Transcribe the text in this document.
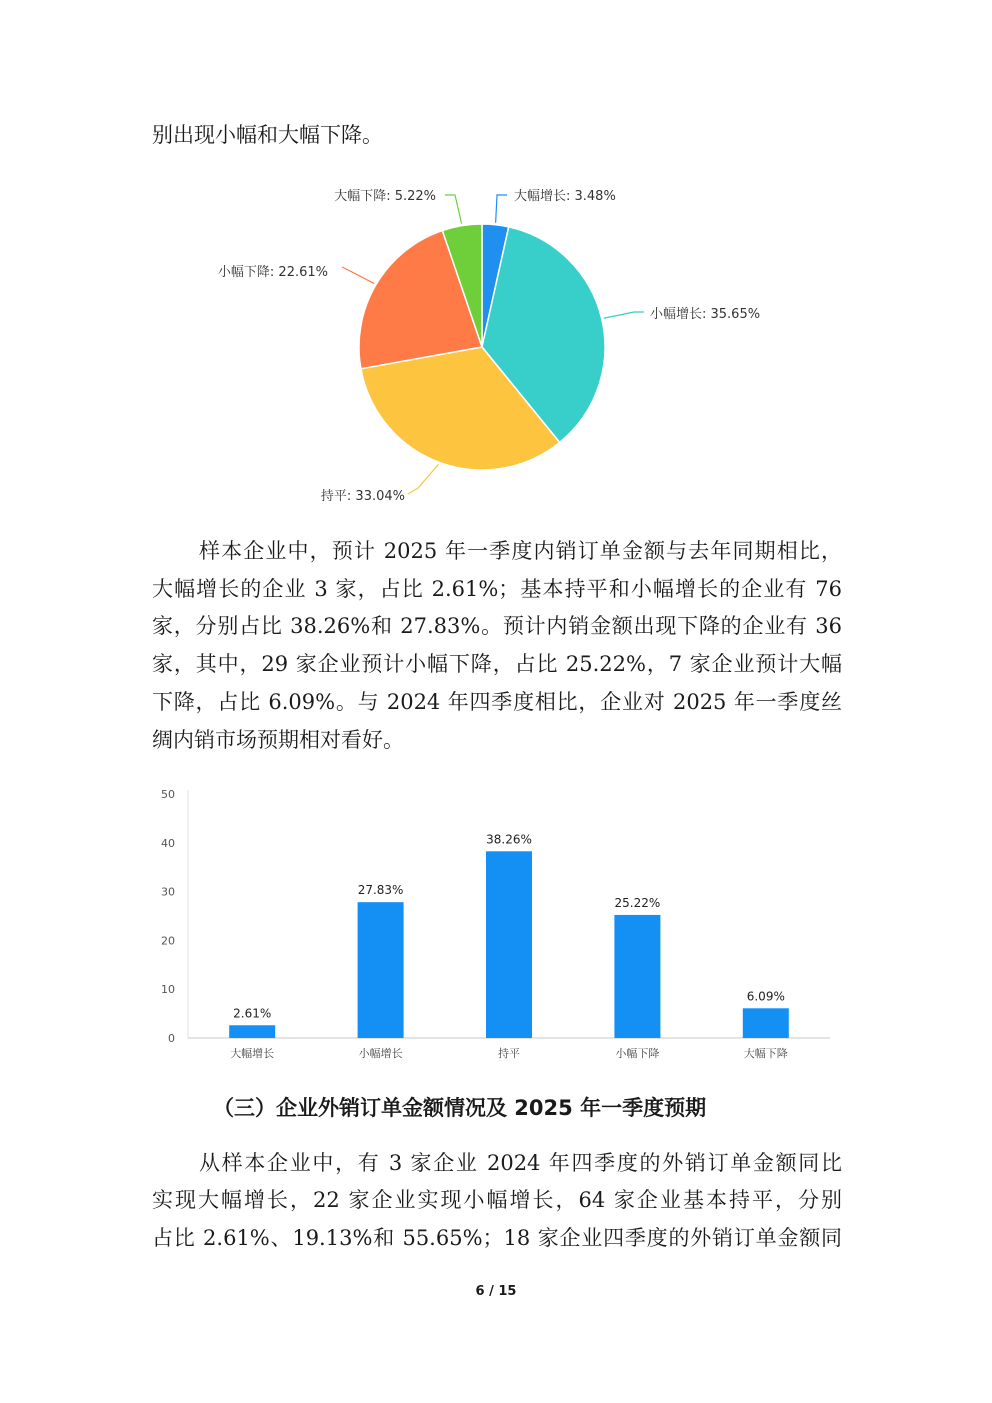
别出现小幅和大幅下降。
大幅增长: 3.48%
小幅增长: 35.65%
持平: 33.04%
小幅下降: 22.61%
大幅下降: 5.22%
样本企业中，预计 2025 年一季度内销订单金额与去年同期相比，
大幅增长的企业 3 家，占比 2.61%；基本持平和小幅增长的企业有 76
家，分别占比 38.26%和 27.83%。预计内销金额出现下降的企业有 36
家，其中，29 家企业预计小幅下降，占比 25.22%，7 家企业预计大幅
下降，占比 6.09%。与 2024 年四季度相比，企业对 2025 年一季度丝
绸内销市场预期相对看好。
0
10
20
30
40
50
2.61%
大幅增长
27.83%
小幅增长
38.26%
持平
25.22%
小幅下降
6.09%
大幅下降
（三）企业外销订单金额情况及 2025 年一季度预期
从样本企业中，有 3 家企业 2024 年四季度的外销订单金额同比
实现大幅增长，22 家企业实现小幅增长，64 家企业基本持平，分别
占比 2.61%、19.13%和 55.65%；18 家企业四季度的外销订单金额同
6 / 15
